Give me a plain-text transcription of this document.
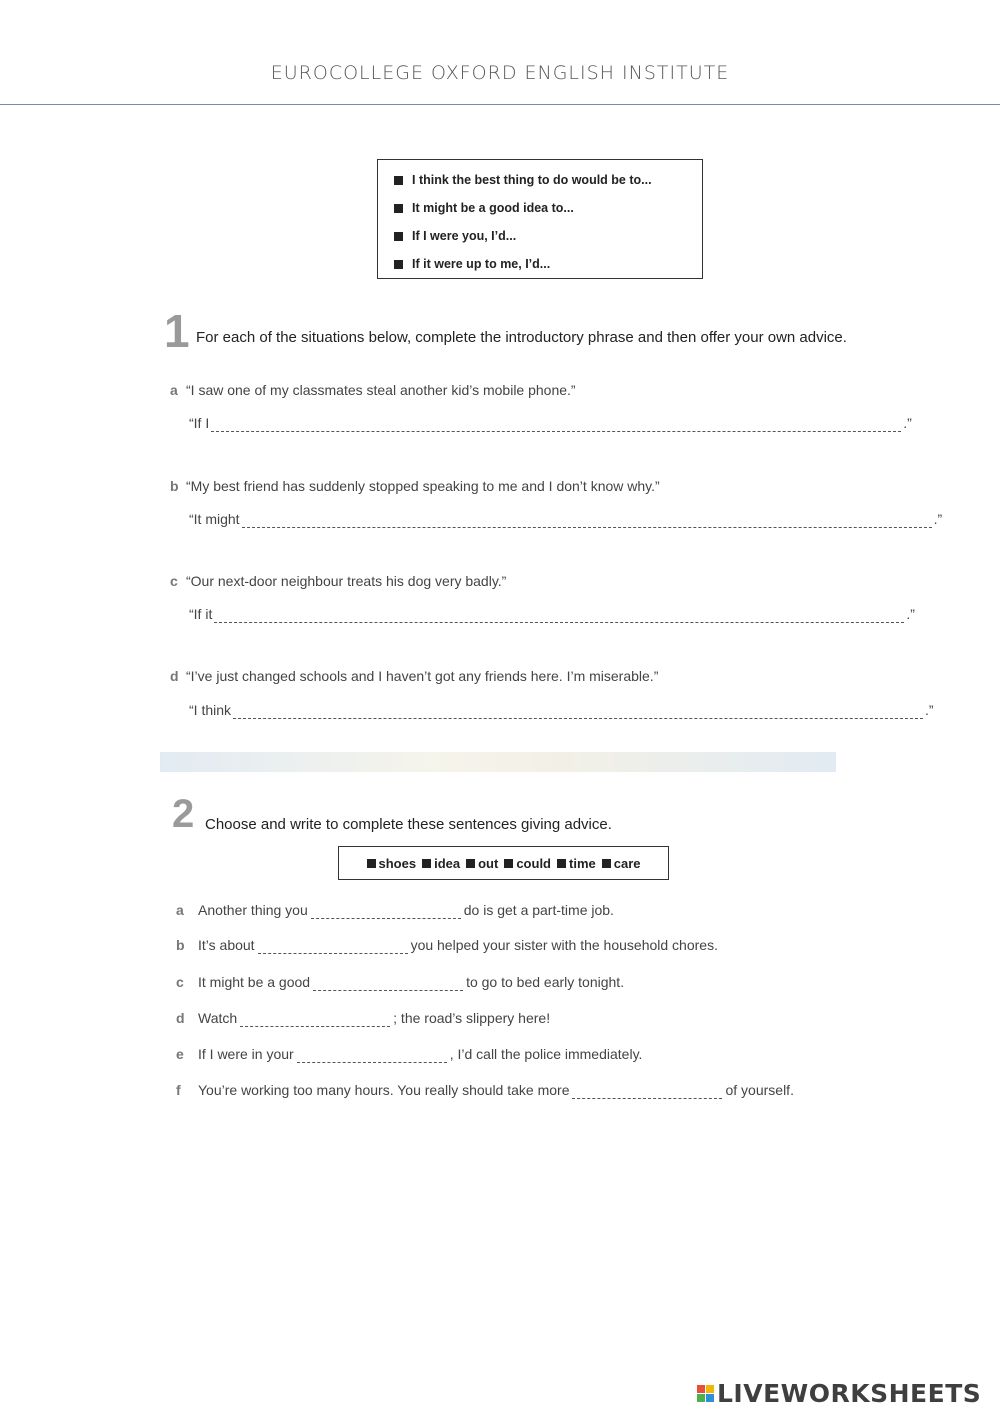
EUROCOLLEGE OXFORD ENGLISH INSTITUTE
I think the best thing to do would be to...
It might be a good idea to...
If I were you, I’d...
If it were up to me, I’d...
1 For each of the situations below, complete the introductory phrase and then offer your own advice.
a “I saw one of my classmates steal another kid’s mobile phone.”
“If I	.”
b “My best friend has suddenly stopped speaking to me and I don’t know why.”
“It might	.”
c “Our next-door neighbour treats his dog very badly.”
“If it	.”
d “I’ve just changed schools and I haven’t got any friends here. I’m miserable.”
“I think	.”
2 Choose and write to complete these sentences giving advice.
shoes idea out could time care
a	Another thing you	do is get a part-time job.
b It’s about	you helped your sister with the household chores.
c	It might be a good	to go to bed early tonight.
d Watch	; the road’s slippery here!
e	If I were in your	, I’d call the police immediately.
f	You’re working too many hours. You really should take more	of yourself.
LIVEWORKSHEETS
